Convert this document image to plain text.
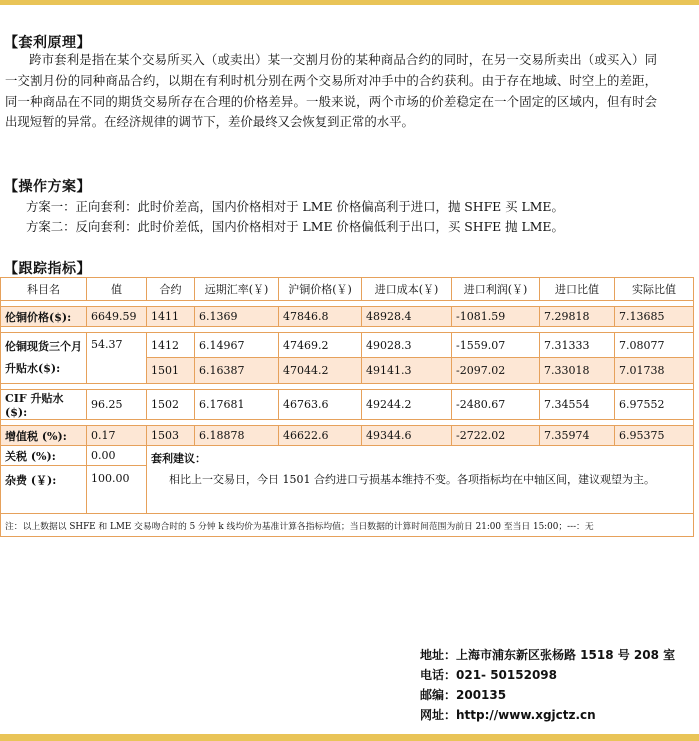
【套利原理】
跨市套利是指在某个交易所买入（或卖出）某一交割月份的某种商品合约的同时，在另一交易所卖出（或买入）同一交割月份的同种商品合约，以期在有利时机分别在两个交易所对冲手中的合约获利。由于存在地域、时空上的差距，同一种商品在不同的期货交易所存在合理的价格差异。一般来说，两个市场的价差稳定在一个固定的区域内，但有时会出现短暂的异常。在经济规律的调节下，差价最终又会恢复到正常的水平。
【操作方案】
方案一：正向套利：此时价差高，国内价格相对于 LME 价格偏高利于进口，抛 SHFE 买 LME。
方案二：反向套利：此时价差低，国内价格相对于 LME 价格偏低利于出口，买 SHFE 抛 LME。
【跟踪指标】
科目名	值	合约	远期汇率(￥)	沪铜价格(￥)	进口成本(￥)	进口利润(￥)	进口比值	实际比值

伦铜价格($):	6649.59	1411	6.1369	47846.8	48928.4	-1081.59	7.29818	7.13685

伦铜现货三个月升贴水($):	54.37	1412	6.14967	47469.2	49028.3	-1559.07	7.31333	7.08077
		1501	6.16387	47044.2	49141.3	-2097.02	7.33018	7.01738

CIF 升贴水($):	96.25	1502	6.17681	46763.6	49244.2	-2480.67	7.34554	6.97552

增值税 (%):	0.17	1503	6.18878	46622.6	49344.6	-2722.02	7.35974	6.95375
关税 (%):	0.00	套利建议：
相比上一交易日，今日 1501 合约进口亏损基本维持不变。各项指标均在中轴区间，建议观望为主。						

杂费 (￥):	100.00							
注：以上数据以 SHFE 和 LME 交易吻合时的 5 分钟 k 线均价为基准计算各指标均值；当日数据的计算时间范围为前日 21:00 至当日 15:00；---：无								
地址：上海市浦东新区张杨路 1518 号 208 室
电话：021- 50152098
邮编：200135
网址：http://www.xgjctz.cn
